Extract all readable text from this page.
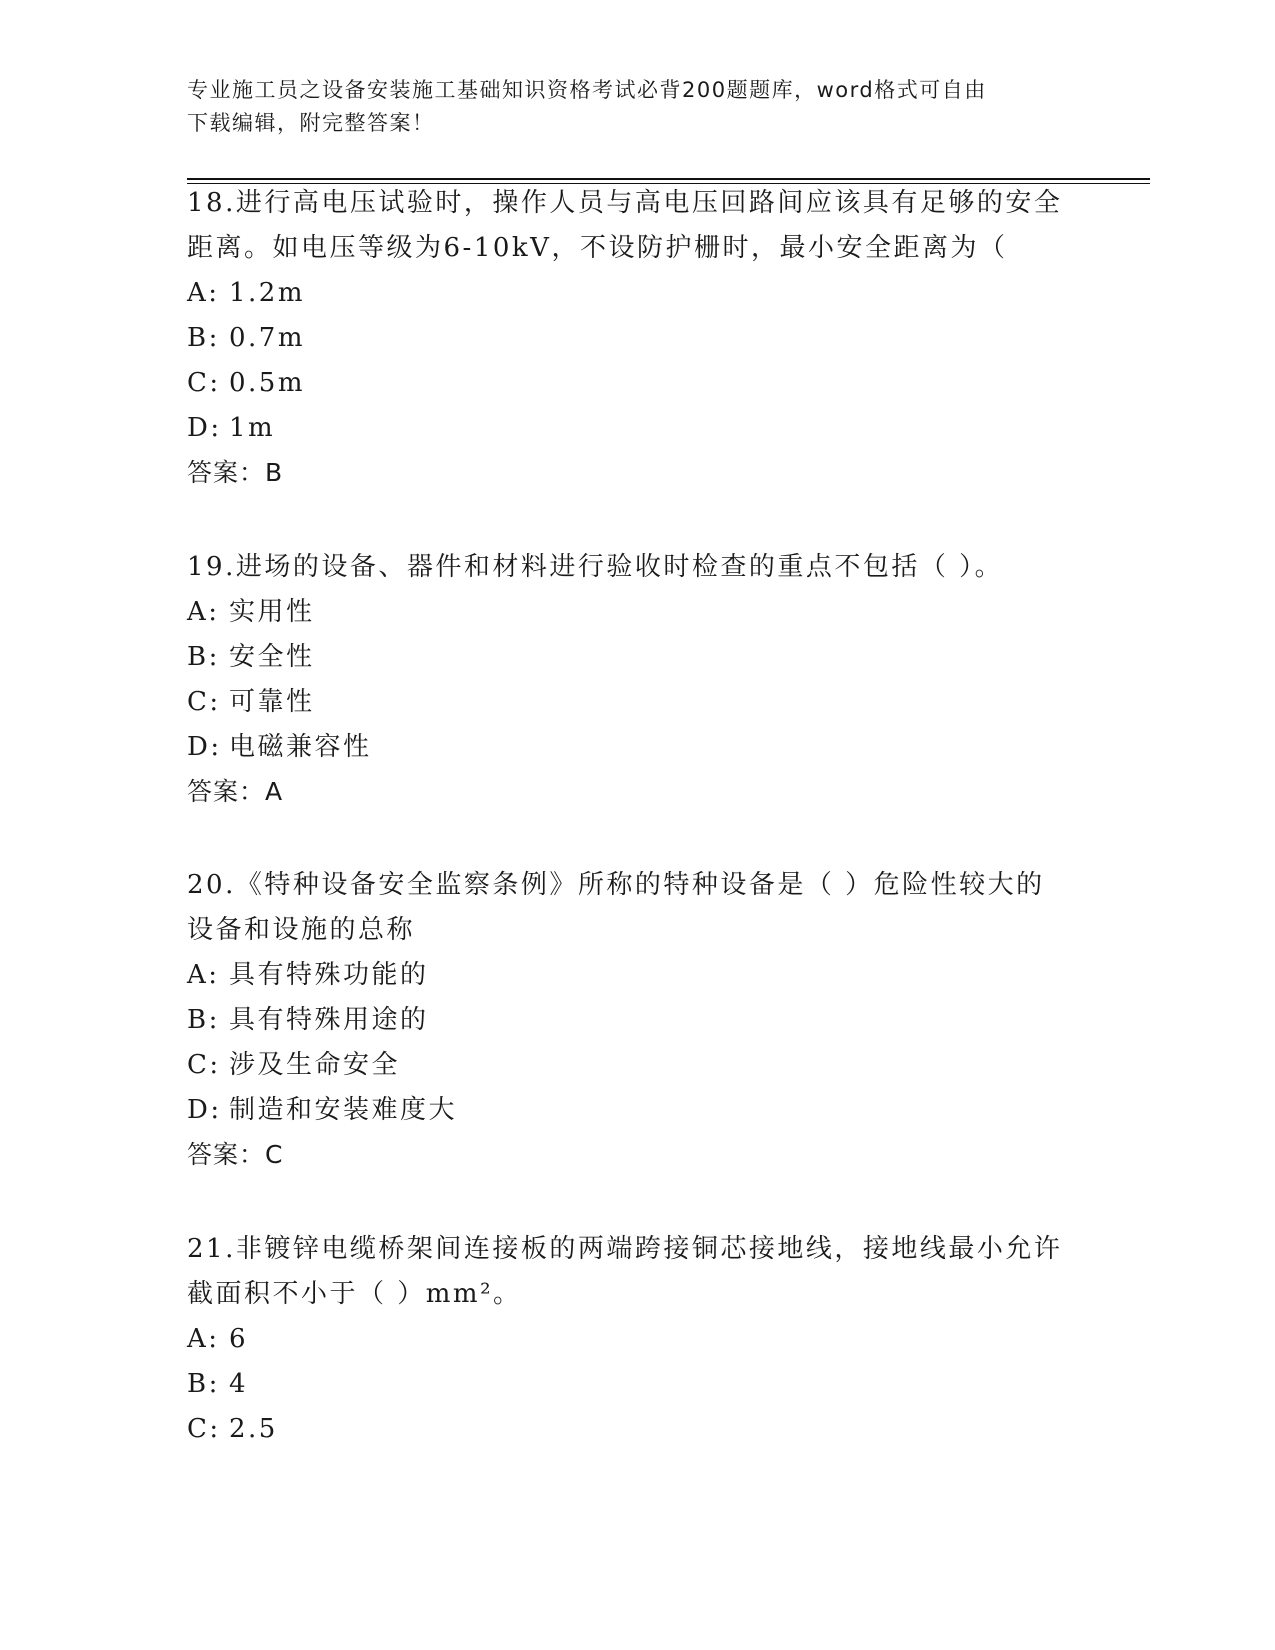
专业施工员之设备安装施工基础知识资格考试必背200题题库，word格式可自由
下载编辑，附完整答案！
18.进行高电压试验时，操作人员与高电压回路间应该具有足够的安全
距离。如电压等级为6-10kV，不设防护栅时，最小安全距离为（
A: 1.2m
B: 0.7m
C: 0.5m
D: 1m
答案：B
19.进场的设备、器件和材料进行验收时检查的重点不包括（ ）。
A: 实用性
B: 安全性
C: 可靠性
D: 电磁兼容性
答案：A
20.《特种设备安全监察条例》所称的特种设备是（ ）危险性较大的
设备和设施的总称
A: 具有特殊功能的
B: 具有特殊用途的
C: 涉及生命安全
D: 制造和安装难度大
答案：C
21.非镀锌电缆桥架间连接板的两端跨接铜芯接地线，接地线最小允许
截面积不小于（ ）mm²。
A: 6
B: 4
C: 2.5
